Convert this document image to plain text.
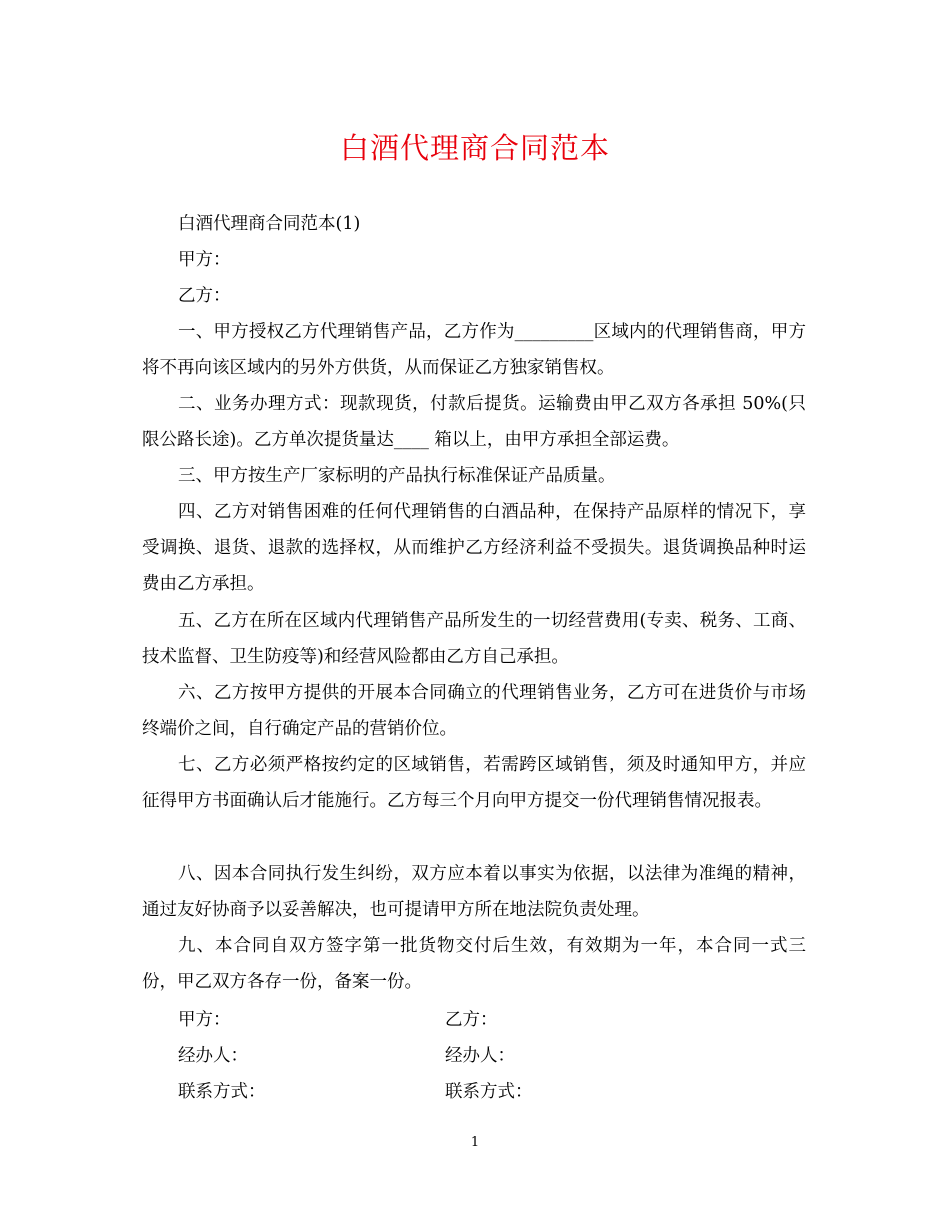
白酒代理商合同范本

白酒代理商合同范本(1)

甲方：

乙方：

一、甲方授权乙方代理销售产品，乙方作为_________区域内的代理销售商，甲方将不再向该区域内的另外方供货，从而保证乙方独家销售权。

二、业务办理方式：现款现货，付款后提货。运输费由甲乙双方各承担 50%(只限公路长途)。乙方单次提货量达____ 箱以上，由甲方承担全部运费。

三、甲方按生产厂家标明的产品执行标准保证产品质量。

四、乙方对销售困难的任何代理销售的白酒品种，在保持产品原样的情况下，享受调换、退货、退款的选择权，从而维护乙方经济利益不受损失。退货调换品种时运费由乙方承担。

五、乙方在所在区域内代理销售产品所发生的一切经营费用(专卖、税务、工商、技术监督、卫生防疫等)和经营风险都由乙方自己承担。

六、乙方按甲方提供的开展本合同确立的代理销售业务，乙方可在进货价与市场终端价之间，自行确定产品的营销价位。

七、乙方必须严格按约定的区域销售，若需跨区域销售，须及时通知甲方，并应征得甲方书面确认后才能施行。乙方每三个月向甲方提交一份代理销售情况报表。

八、因本合同执行发生纠纷，双方应本着以事实为依据，以法律为准绳的精神，通过友好协商予以妥善解决，也可提请甲方所在地法院负责处理。

九、本合同自双方签字第一批货物交付后生效，有效期为一年，本合同一式三份，甲乙双方各存一份，备案一份。

甲方：	乙方：
经办人：	经办人：
联系方式：	联系方式：
1
